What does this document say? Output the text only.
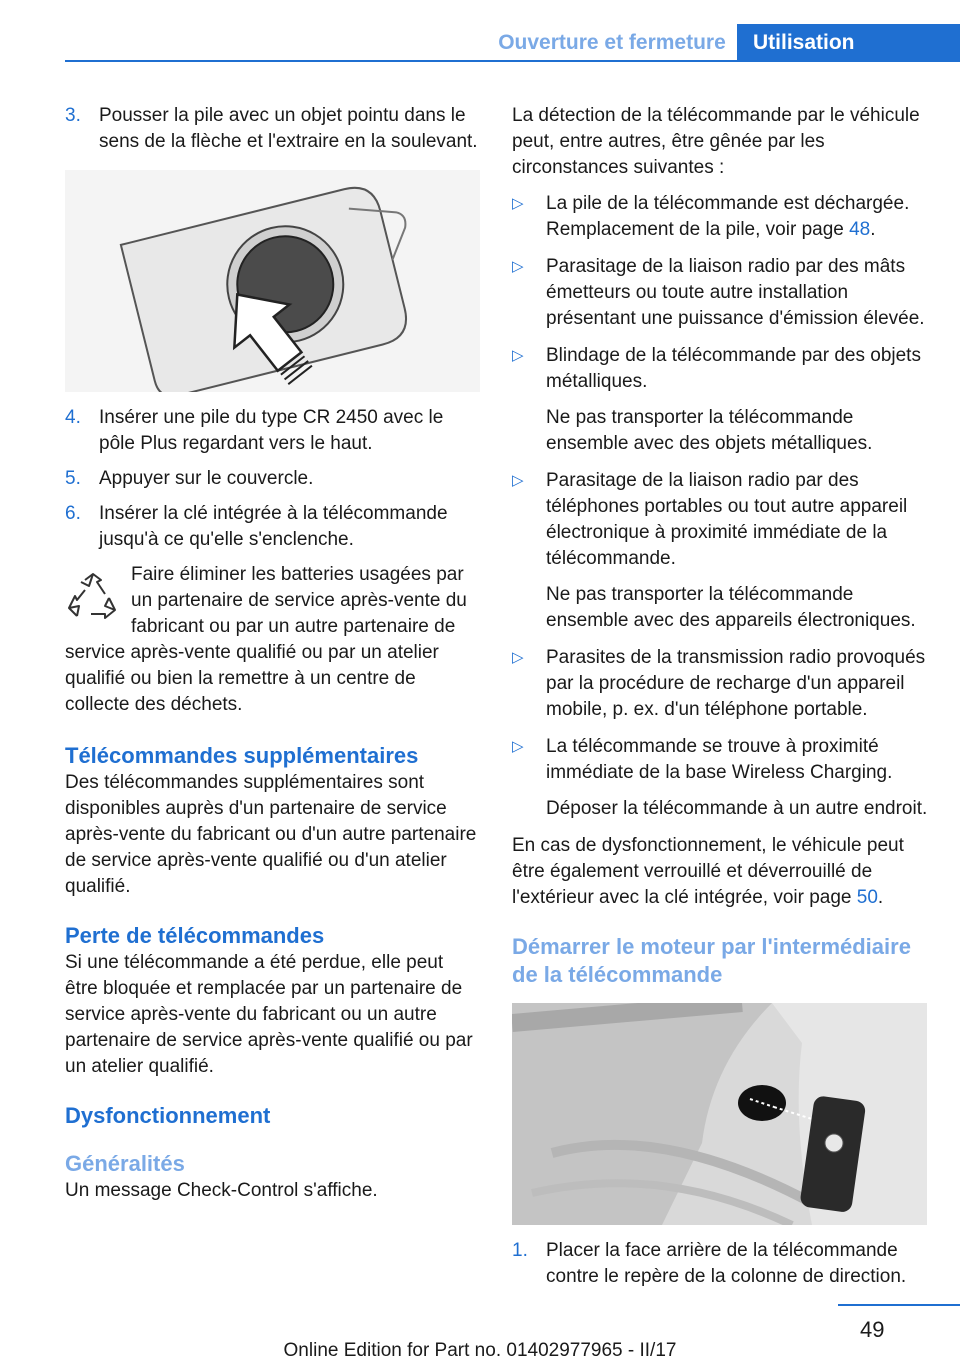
Ouverture et fermeture	Utilisation
3. Pousser la pile avec un objet pointu dans le sens de la flèche et l'extraire en la soulevant.
4. Insérer une pile du type CR 2450 avec le pôle Plus regardant vers le haut.
5. Appuyer sur le couvercle.
6. Insérer la clé intégrée à la télécommande jusqu'à ce qu'elle s'enclenche.

Faire éliminer les batteries usagées par un partenaire de service après-vente du fabricant ou par un autre partenaire de service après-vente qualifié ou par un atelier qualifié ou bien la remettre à un centre de collecte des déchets.

Télécommandes supplémentaires

Des télécommandes supplémentaires sont disponibles auprès d'un partenaire de service après-vente du fabricant ou d'un autre partenaire de service après-vente qualifié ou d'un atelier qualifié.

Perte de télécommandes

Si une télécommande a été perdue, elle peut être bloquée et remplacée par un partenaire de service après-vente du fabricant ou un autre partenaire de service après-vente qualifié ou par un atelier qualifié.

Dysfonctionnement
Généralités

Un message Check-Control s'affiche.

La détection de la télécommande par le véhicule peut, entre autres, être gênée par les circonstances suivantes :

▷	La pile de la télécommande est déchargée. Remplacement de la pile, voir page 48.
▷	Parasitage de la liaison radio par des mâts émetteurs ou toute autre installation présentant une puissance d'émission élevée.
▷	Blindage de la télécommande par des objets métalliques.

Ne pas transporter la télécommande ensemble avec des objets métalliques.

▷	Parasitage de la liaison radio par des téléphones portables ou tout autre appareil électronique à proximité immédiate de la télécommande.

Ne pas transporter la télécommande ensemble avec des appareils électroniques.

▷	Parasites de la transmission radio provoqués par la procédure de recharge d'un appareil mobile, p. ex. d'un téléphone portable.
▷	La télécommande se trouve à proximité immédiate de la base Wireless Charging.

Déposer la télécommande à un autre endroit.

En cas de dysfonctionnement, le véhicule peut être également verrouillé et déverrouillé de l'extérieur avec la clé intégrée, voir page 50.

Démarrer le moteur par l'intermédiaire de la télécommande
1. Placer la face arrière de la télécommande contre le repère de la colonne de direction.
49
Online Edition for Part no. 01402977965 - II/17
